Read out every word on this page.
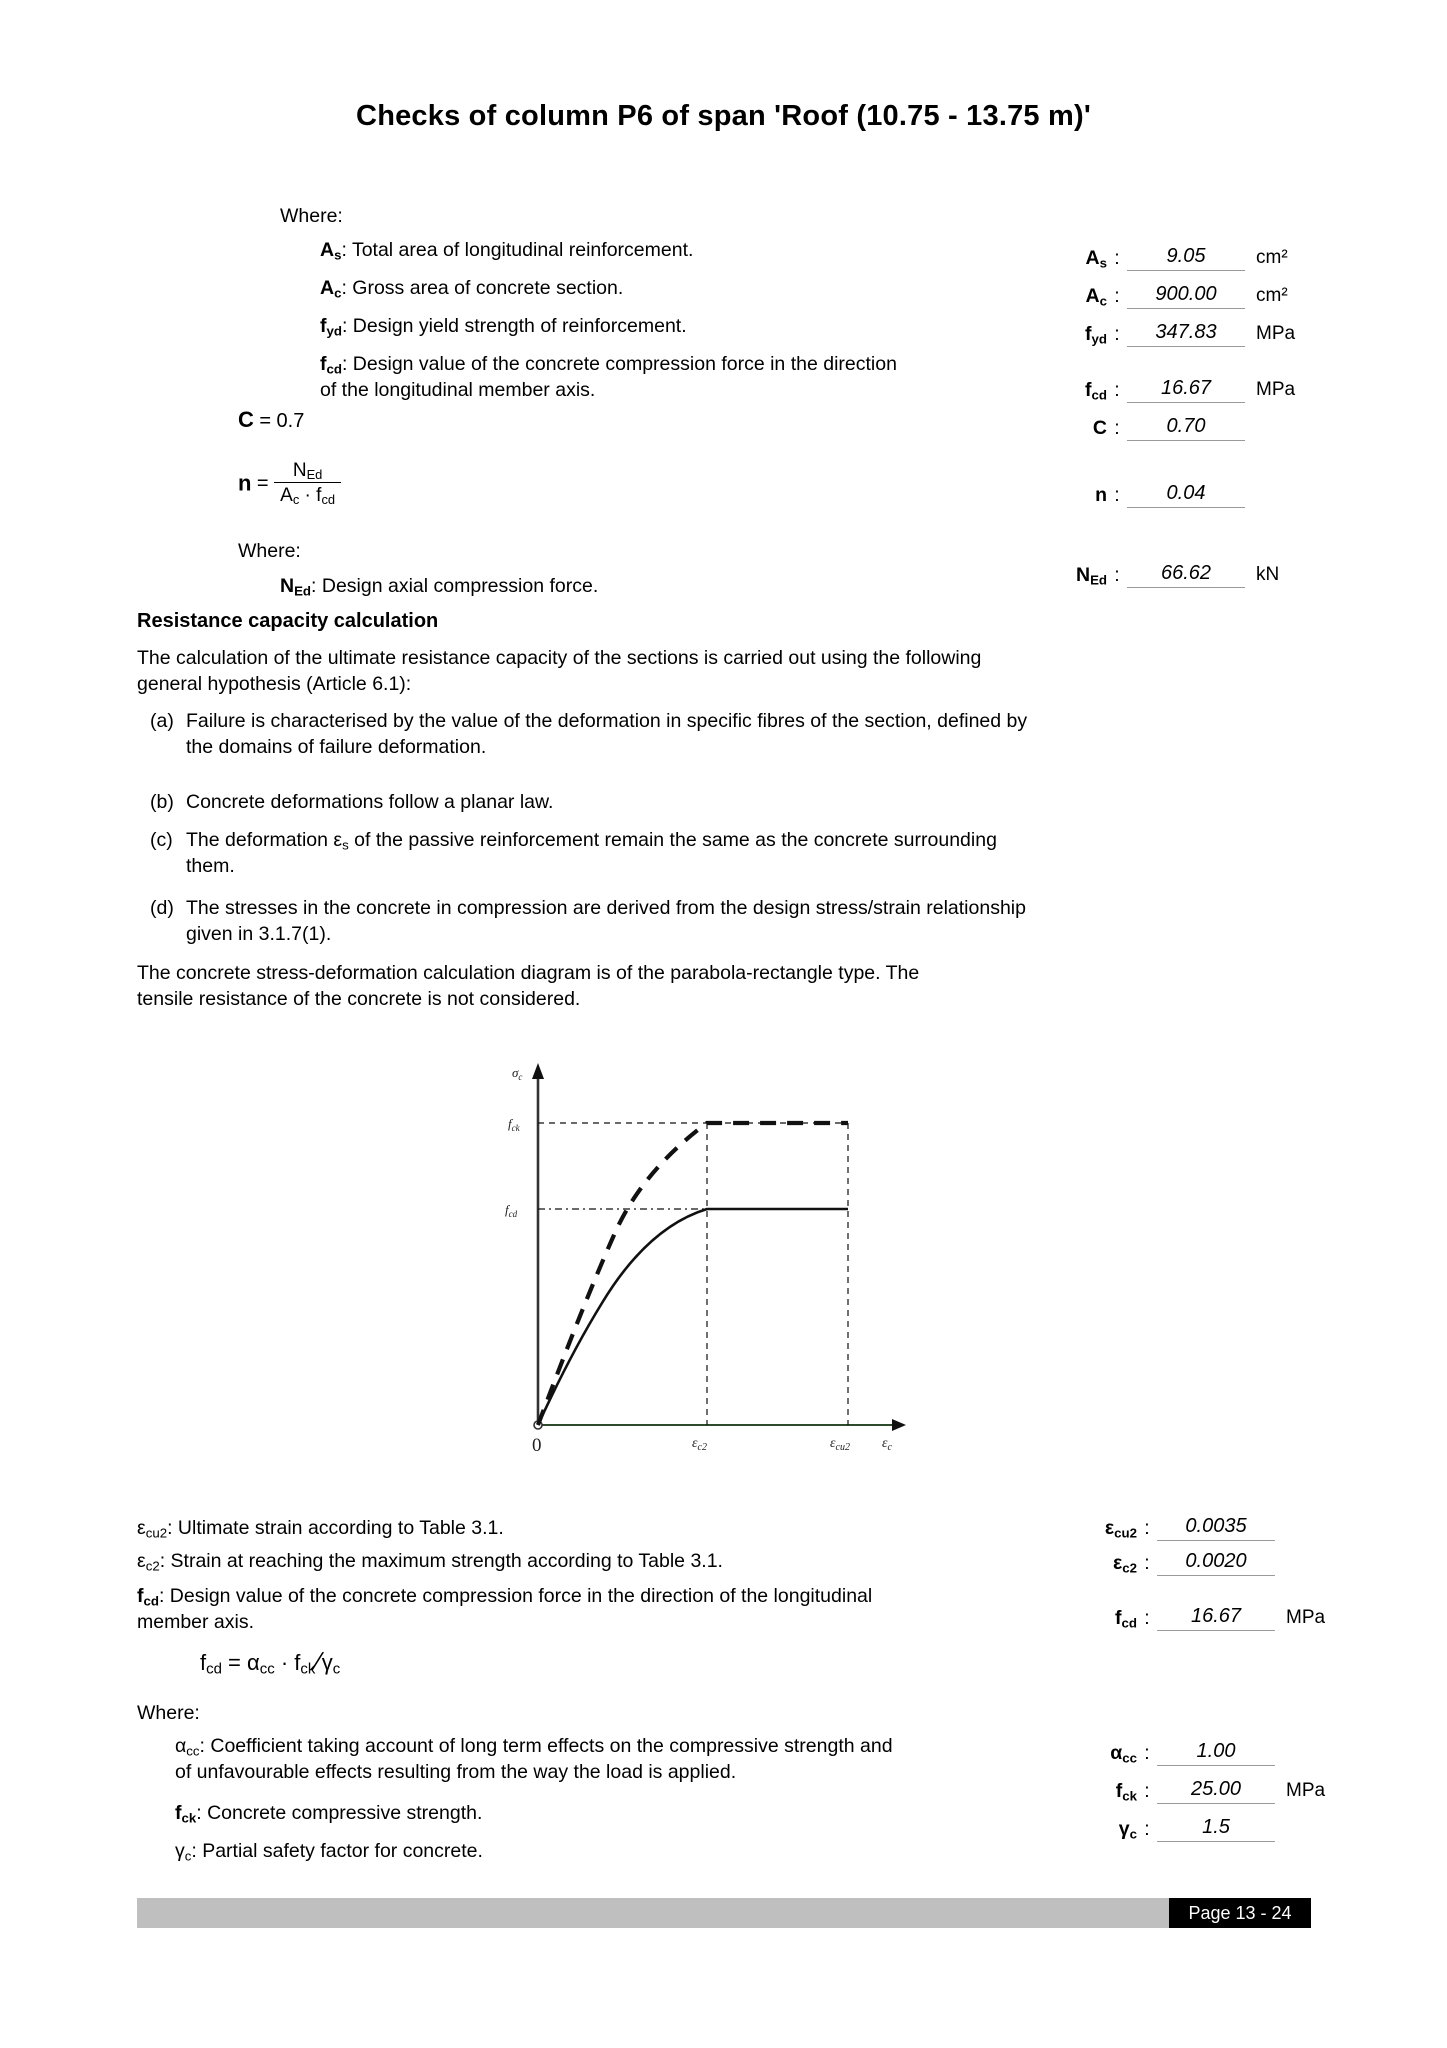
Checks of column P6 of span 'Roof (10.75 - 13.75 m)'
Where:
$A_s$: Total area of longitudinal reinforcement.
$A_c$: Gross area of concrete section.
$f_{yd}$: Design yield strength of reinforcement.
$f_{cd}$: Design value of the concrete compression force in the direction of the longitudinal member axis.
C = 0.7
$n = \frac{N_{Ed}}{A_c \cdot f_{cd}}$
Where:
$N_{Ed}$: Design axial compression force.
$A_s$ :	9.05	cm²
$A_c$ :	900.00	cm²
$f_{yd}$ :	347.83	MPa
$f_{cd}$ :	16.67	MPa
C :	0.70
n :	0.04
$N_{Ed}$ :	66.62	kN
Resistance capacity calculation
The calculation of the ultimate resistance capacity of the sections is carried out using the following general hypothesis (Article 6.1):
(a) Failure is characterised by the value of the deformation in specific fibres of the section, defined by the domains of failure deformation.
(b) Concrete deformations follow a planar law.
(c) The deformation $\varepsilon_s$ of the passive reinforcement remain the same as the concrete surrounding them.
(d) The stresses in the concrete in compression are derived from the design stress/strain relationship given in 3.1.7(1).
The concrete stress-deformation calculation diagram is of the parabola-rectangle type. The tensile resistance of the concrete is not considered.
$\sigma_c$
$f_{ck}$
$f_{cd}$
0	$\varepsilon_{c2}$	$\varepsilon_{cu2}$ $\varepsilon_c$
$\varepsilon_{cu2}$: Ultimate strain according to Table 3.1.
$\varepsilon_{c2}$: Strain at reaching the maximum strength according to Table 3.1.
$f_{cd}$: Design value of the concrete compression force in the direction of the longitudinal member axis.
$f_{cd} = \alpha_{cc}$ · $f_{ck}∕\gamma_c$
Where:
$\alpha_{cc}$: Coefficient taking account of long term effects on the compressive strength and of unfavourable effects resulting from the way the load is applied.
$f_{ck}$: Concrete compressive strength.
$\gamma_c$: Partial safety factor for concrete.
$\varepsilon_{cu2}$ :	0.0035
$\varepsilon_{c2}$ :	0.0020
$f_{cd}$ :	16.67	MPa
$\alpha_{cc}$ :	1.00
$f_{ck}$ :	25.00	MPa
$\gamma_c$ :	1.5
Page 13 - 24
